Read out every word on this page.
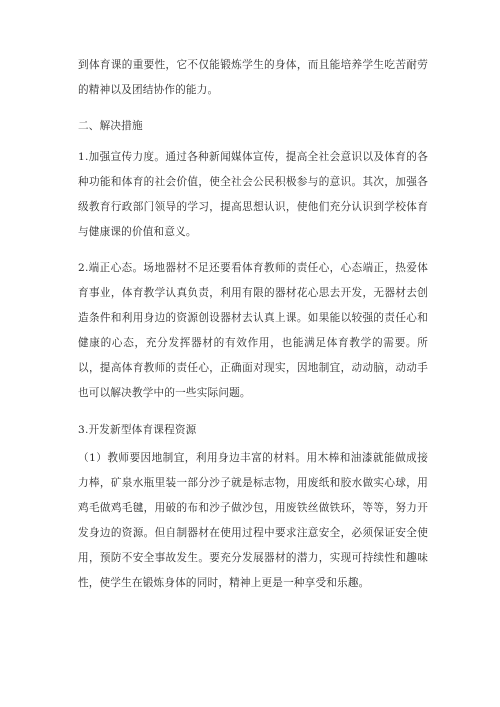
到体育课的重要性，它不仅能锻炼学生的身体，而且能培养学生吃苦耐劳的精神以及团结协作的能力。

二、解决措施

1.加强宣传力度。通过各种新闻媒体宣传，提高全社会意识以及体育的各种功能和体育的社会价值，使全社会公民积极参与的意识。其次，加强各级教育行政部门领导的学习，提高思想认识，使他们充分认识到学校体育与健康课的价值和意义。

2.端正心态。场地器材不足还要看体育教师的责任心，心态端正，热爱体育事业，体育教学认真负责，利用有限的器材花心思去开发，无器材去创造条件和利用身边的资源创设器材去认真上课。如果能以较强的责任心和健康的心态，充分发挥器材的有效作用，也能满足体育教学的需要。所以，提高体育教师的责任心，正确面对现实，因地制宜，动动脑，动动手也可以解决教学中的一些实际问题。

3.开发新型体育课程资源

（1）教师要因地制宜，利用身边丰富的材料。用木棒和油漆就能做成接力棒，矿泉水瓶里装一部分沙子就是标志物，用废纸和胶水做实心球，用鸡毛做鸡毛毽，用破的布和沙子做沙包，用废铁丝做铁环，等等，努力开发身边的资源。但自制器材在使用过程中要求注意安全，必须保证安全使用，预防不安全事故发生。要充分发展器材的潜力，实现可持续性和趣味性，使学生在锻炼身体的同时，精神上更是一种享受和乐趣。
